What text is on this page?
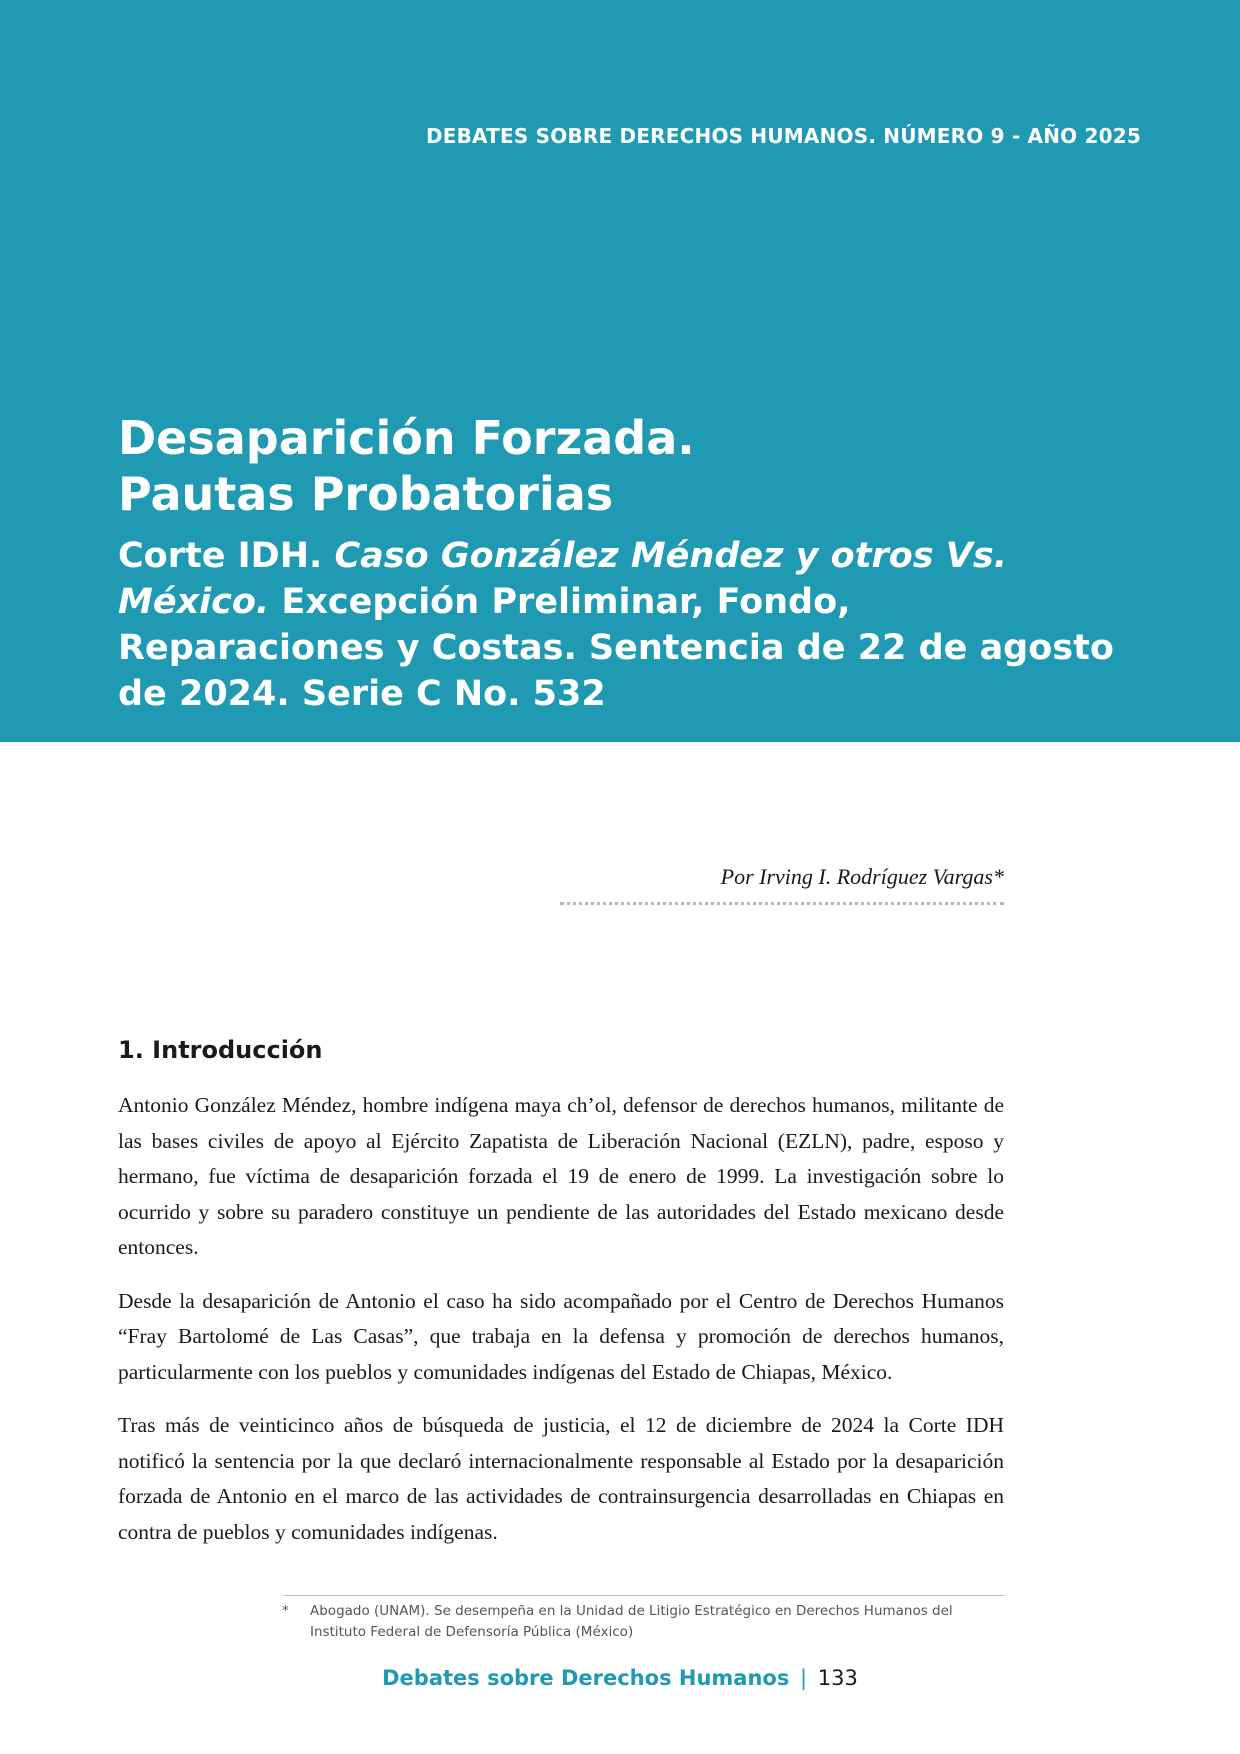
DEBATES SOBRE DERECHOS HUMANOS. NÚMERO 9 - AÑO 2025
Desaparición Forzada.
Pautas Probatorias
Corte IDH. Caso González Méndez y otros Vs. México. Excepción Preliminar, Fondo, Reparaciones y Costas. Sentencia de 22 de agosto de 2024. Serie C No. 532

Por Irving I. Rodríguez Vargas*

1. Introducción

Antonio González Méndez, hombre indígena maya ch’ol, defensor de derechos humanos, militante de las bases civiles de apoyo al Ejército Zapatista de Liberación Nacional (EZLN), padre, esposo y hermano, fue víctima de desaparición forzada el 19 de enero de 1999. La investigación sobre lo ocurrido y sobre su paradero constituye un pendiente de las autoridades del Estado mexicano desde entonces.

Desde la desaparición de Antonio el caso ha sido acompañado por el Centro de Derechos Humanos “Fray Bartolomé de Las Casas”, que trabaja en la defensa y promoción de derechos humanos, particularmente con los pueblos y comunidades indígenas del Estado de Chiapas, México.

Tras más de veinticinco años de búsqueda de justicia, el 12 de diciembre de 2024 la Corte IDH notificó la sentencia por la que declaró internacionalmente responsable al Estado por la desaparición forzada de Antonio en el marco de las actividades de contrainsurgencia desarrolladas en Chiapas en contra de pueblos y comunidades indígenas.

* Abogado (UNAM). Se desempeña en la Unidad de Litigio Estratégico en Derechos Humanos del Instituto Federal de Defensoría Pública (México)
Debates sobre Derechos Humanos | 133
